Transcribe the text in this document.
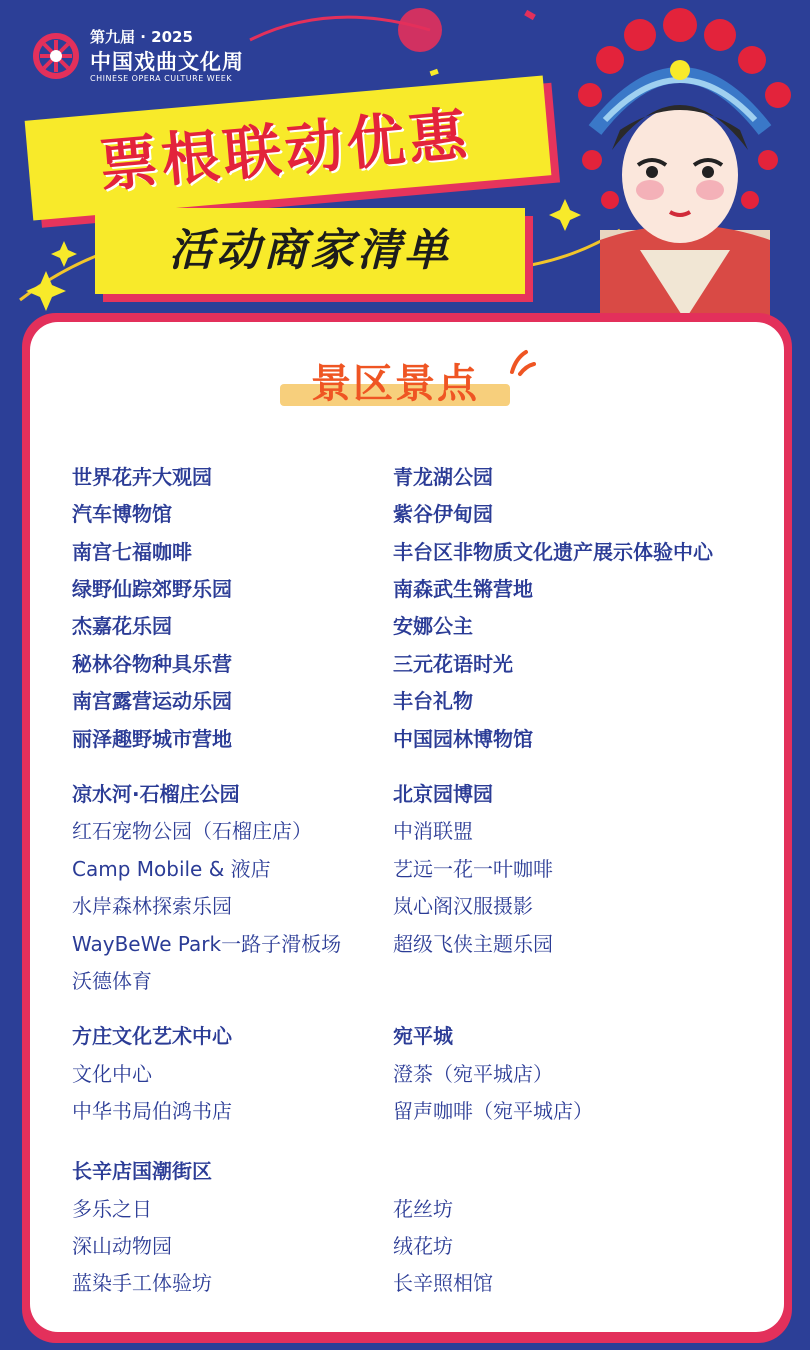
第九届 · 2025
中国戏曲文化周
CHINESE OPERA CULTURE WEEK
票根联动优惠
活动商家清单
景区景点
世界花卉大观园
汽车博物馆
南宫七福咖啡
绿野仙踪郊野乐园
杰嘉花乐园
秘林谷物种具乐营
南宫露营运动乐园
丽泽趣野城市营地
凉水河·石榴庄公园
红石宠物公园（石榴庄店）
Camp Mobile & 液店
水岸森林探索乐园
WayBeWe Park一路子滑板场
沃德体育
方庄文化艺术中心
文化中心
中华书局伯鸿书店
长辛店国潮街区
多乐之日
深山动物园
蓝染手工体验坊
青龙湖公园
紫谷伊甸园
丰台区非物质文化遗产展示体验中心
南森武生锵营地
安娜公主
三元花语时光
丰台礼物
中国园林博物馆
北京园博园
中消联盟
艺远一花一叶咖啡
岚心阁汉服摄影
超级飞侠主题乐园
宛平城
澄茶（宛平城店）
留声咖啡（宛平城店）
花丝坊
绒花坊
长辛照相馆
